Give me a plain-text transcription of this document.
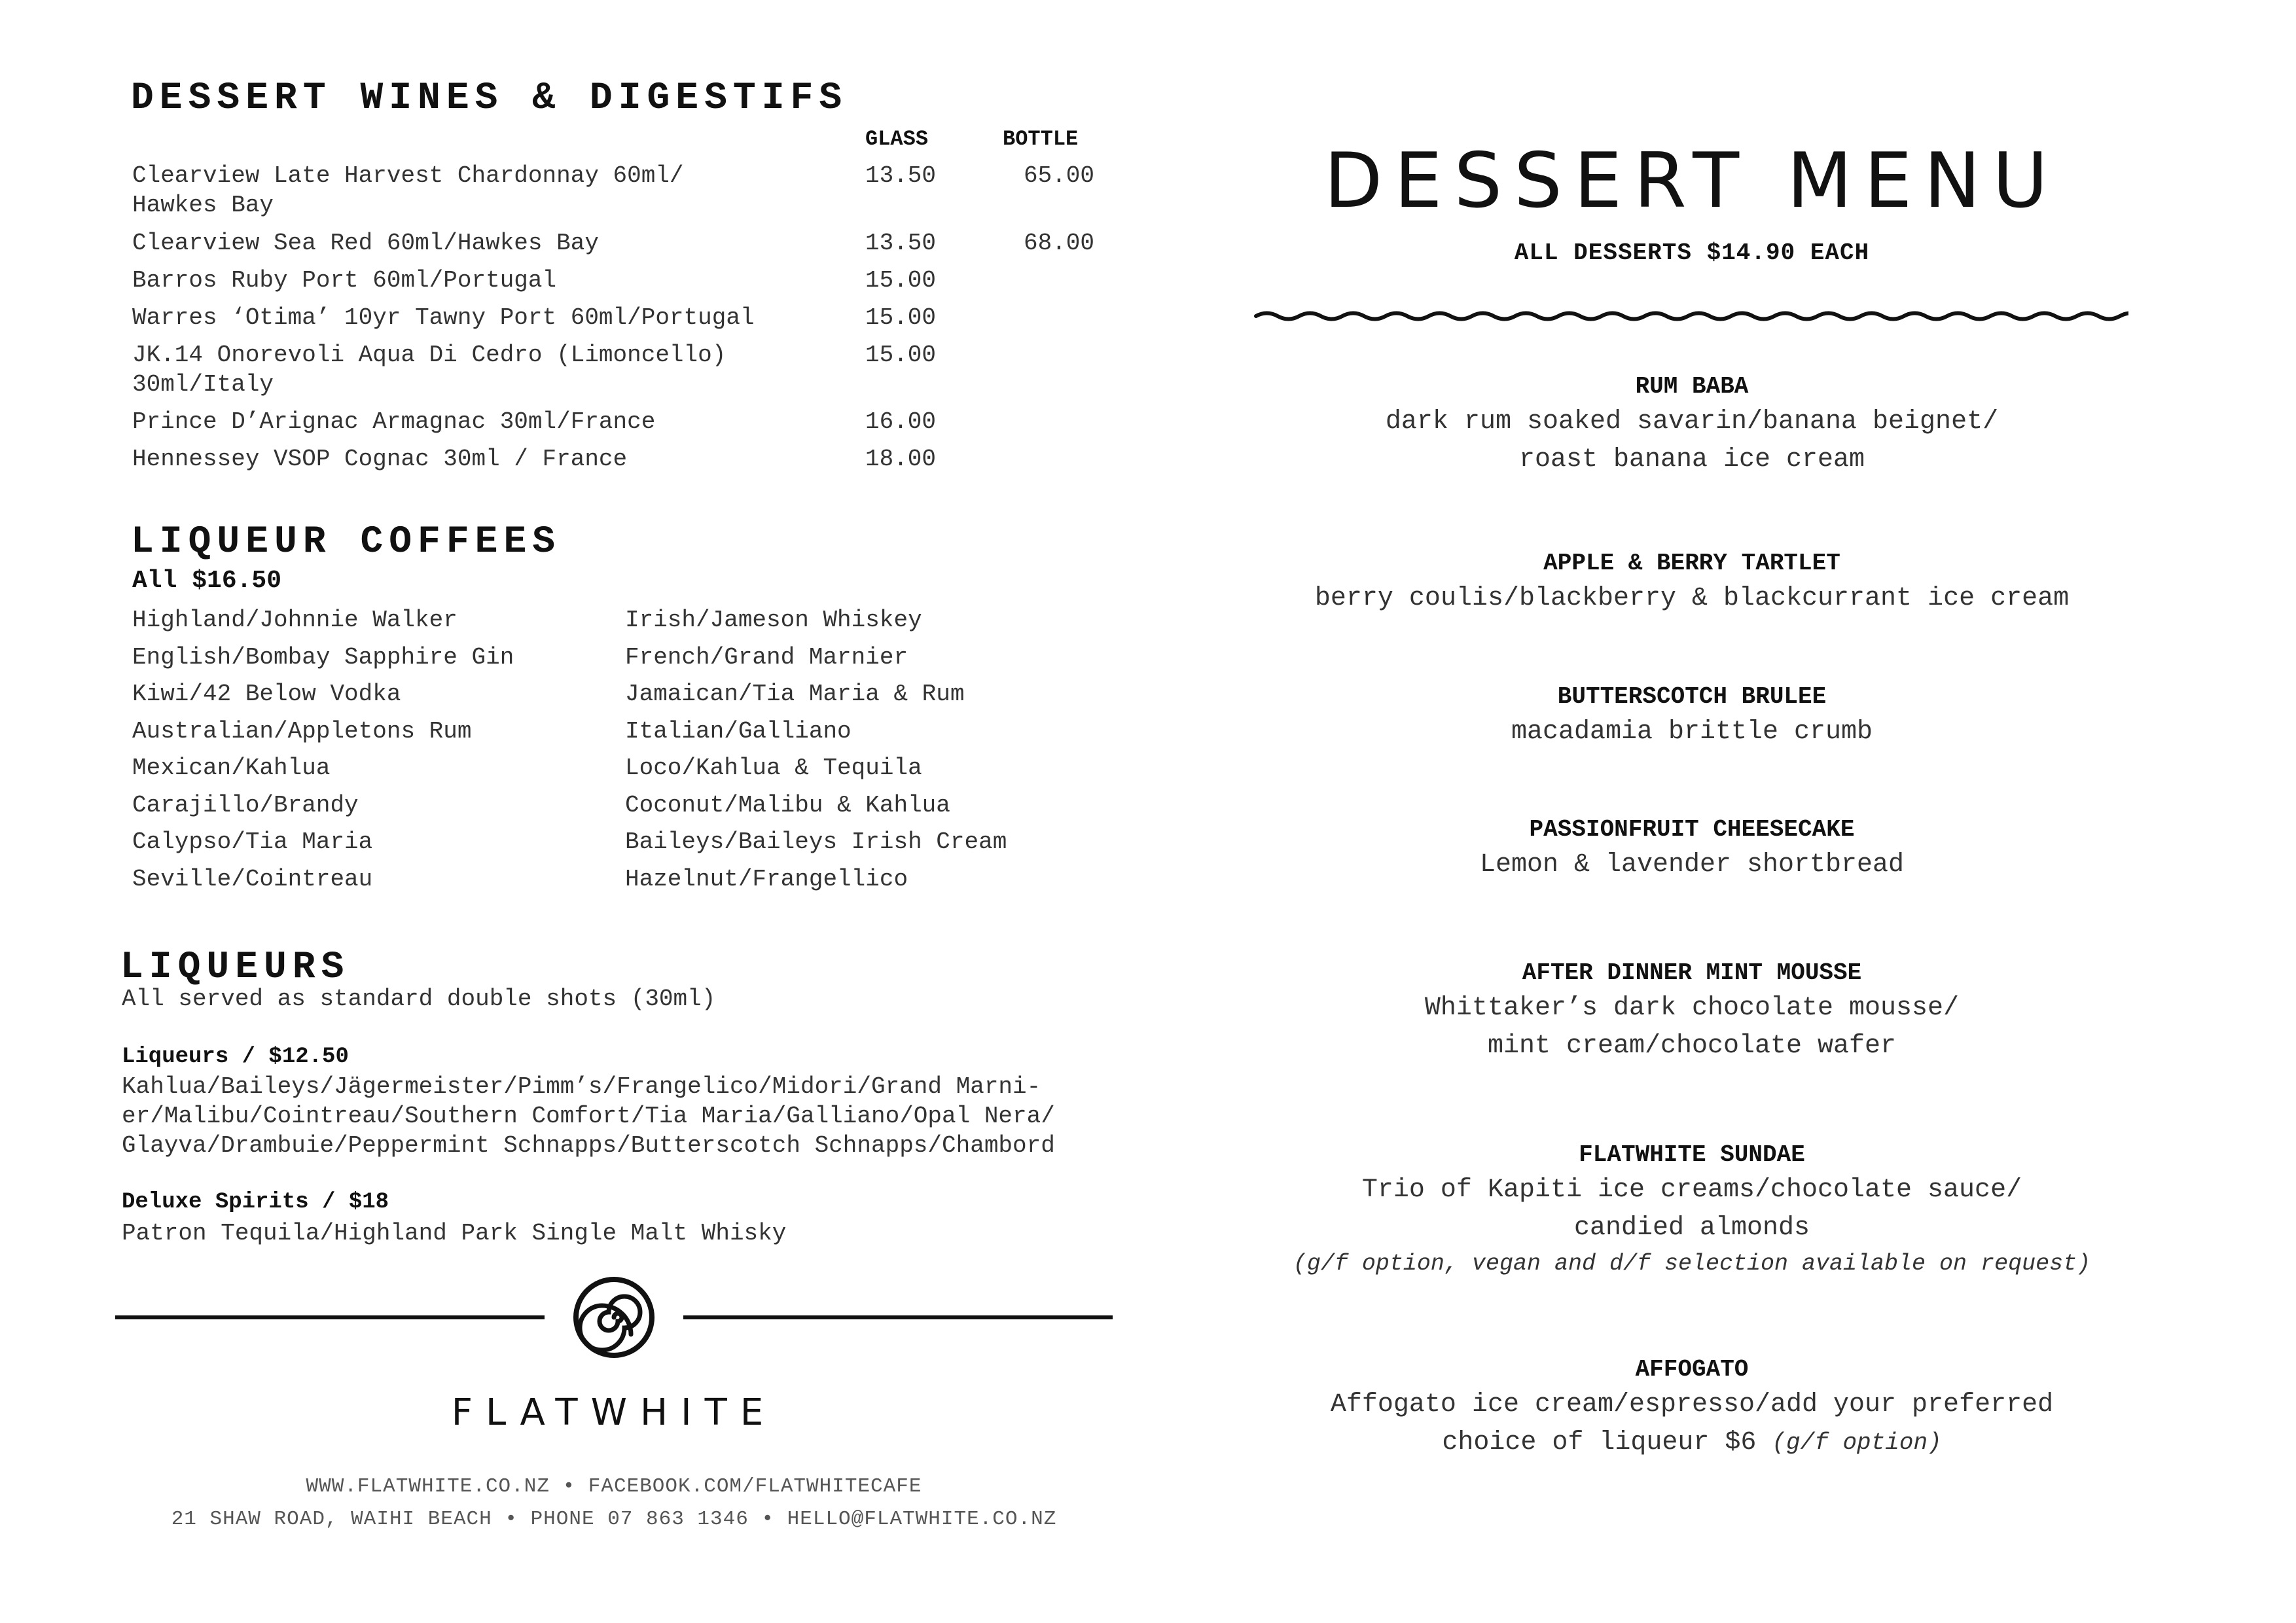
DESSERT WINES & DIGESTIFS
GLASS	BOTTLE
Clearview Late Harvest Chardonnay 60ml/
Hawkes Bay
13.50	65.00
Clearview Sea Red 60ml/Hawkes Bay	13.50	68.00
Barros Ruby Port 60ml/Portugal	15.00
Warres ‘Otima’ 10yr Tawny Port 60ml/Portugal	15.00
JK.14 Onorevoli Aqua Di Cedro (Limoncello)
30ml/Italy
15.00
Prince D’Arignac Armagnac 30ml/France	16.00
Hennessey VSOP Cognac 30ml / France	18.00
LIQUEUR COFFEES
All $16.50
Highland/Johnnie Walker
English/Bombay Sapphire Gin
Kiwi/42 Below Vodka
Australian/Appletons Rum
Mexican/Kahlua
Carajillo/Brandy
Calypso/Tia Maria
Seville/Cointreau
Irish/Jameson Whiskey
French/Grand Marnier
Jamaican/Tia Maria & Rum
Italian/Galliano
Loco/Kahlua & Tequila
Coconut/Malibu & Kahlua
Baileys/Baileys Irish Cream
Hazelnut/Frangellico
LIQUEURS
All served as standard double shots (30ml)
Liqueurs / $12.50
Kahlua/Baileys/Jägermeister/Pimm’s/Frangelico/Midori/Grand Marni-
er/Malibu/Cointreau/Southern Comfort/Tia Maria/Galliano/Opal Nera/
Glayva/Drambuie/Peppermint Schnapps/Butterscotch Schnapps/Chambord
Deluxe Spirits / $18
Patron Tequila/Highland Park Single Malt Whisky
FLATWHITE
WWW.FLATWHITE.CO.NZ • FACEBOOK.COM/FLATWHITECAFE
21 SHAW ROAD, WAIHI BEACH • PHONE 07 863 1346 • HELLO@FLATWHITE.CO.NZ
DESSERT MENU
ALL DESSERTS $14.90 EACH
RUM BABA
dark rum soaked savarin/banana beignet/
roast banana ice cream
APPLE & BERRY TARTLET
berry coulis/blackberry & blackcurrant ice cream
BUTTERSCOTCH BRULEE
macadamia brittle crumb
PASSIONFRUIT CHEESECAKE
Lemon & lavender shortbread
AFTER DINNER MINT MOUSSE
Whittaker’s dark chocolate mousse/
mint cream/chocolate wafer
FLATWHITE SUNDAE
Trio of Kapiti ice creams/chocolate sauce/
candied almonds
(g/f option, vegan and d/f selection available on request)
AFFOGATO
Affogato ice cream/espresso/add your preferred
choice of liqueur $6 (g/f option)
